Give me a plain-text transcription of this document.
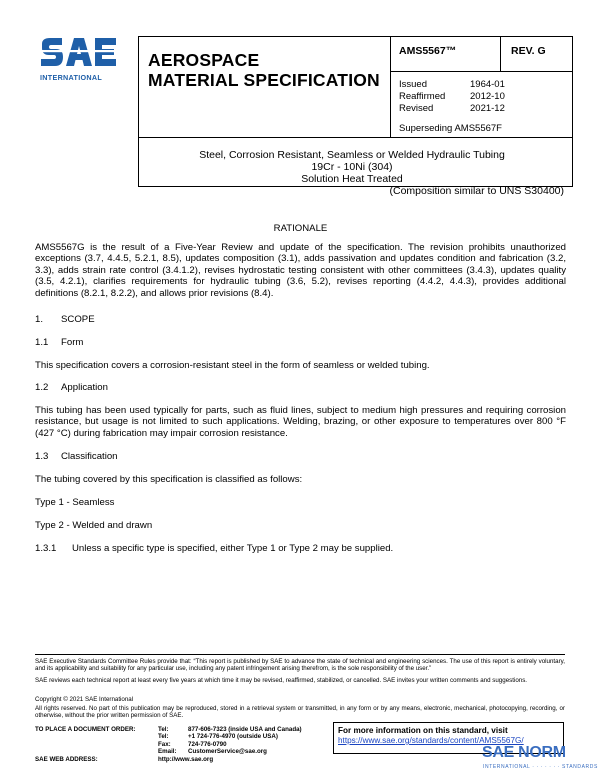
INTERNATIONAL
AEROSPACE
MATERIAL SPECIFICATION
AMS5567™	REV. G
Issued	1964-01
Reaffirmed	2012-10
Revised	2021-12
Superseding AMS5567F
Steel, Corrosion Resistant, Seamless or Welded Hydraulic Tubing
19Cr - 10Ni (304)
Solution Heat Treated
(Composition similar to UNS S30400)
RATIONALE
AMS5567G is the result of a Five-Year Review and update of the specification. The revision prohibits unauthorized exceptions (3.7, 4.4.5, 5.2.1, 8.5), updates composition (3.1), adds passivation and updates condition and fabrication (3.2, 3.3), adds strain rate control (3.4.1.2), revises hydrostatic testing consistent with other committees (3.4.3), updates quality (3.5, 4.2.1), clarifies requirements for hydraulic tubing (3.6, 5.2), revises reporting (4.4.2, 4.4.3), provides additional definitions (8.2.1, 8.2.2), and allows prior revisions (8.4).
1.	SCOPE
1.1	Form
This specification covers a corrosion-resistant steel in the form of seamless or welded tubing.
1.2	Application
This tubing has been used typically for parts, such as fluid lines, subject to medium high pressures and requiring corrosion resistance, but usage is not limited to such applications. Welding, brazing, or other exposure to temperatures over 800 °F (427 °C) during fabrication may impair corrosion resistance.
1.3	Classification
The tubing covered by this specification is classified as follows:
Type 1 - Seamless
Type 2 - Welded and drawn
1.3.1	Unless a specific type is specified, either Type 1 or Type 2 may be supplied.
SAE Executive Standards Committee Rules provide that: “This report is published by SAE to advance the state of technical and engineering sciences. The use of this report is entirely voluntary, and its applicability and suitability for any particular use, including any patent infringement arising therefrom, is the sole responsibility of the user.”
SAE reviews each technical report at least every five years at which time it may be revised, reaffirmed, stabilized, or cancelled. SAE invites your written comments and suggestions.
Copyright © 2021 SAE International
All rights reserved. No part of this publication may be reproduced, stored in a retrieval system or transmitted, in any form or by any means, electronic, mechanical, photocopying, recording, or otherwise, without the prior written permission of SAE.
TO PLACE A DOCUMENT ORDER:	Tel:	877-606-7323 (inside USA and Canada)
Tel:	+1 724-776-4970 (outside USA)
Fax:	724-776-0790
Email:	CustomerService@sae.org
SAE WEB ADDRESS:	http://www.sae.org
For more information on this standard, visit
https://www.sae.org/standards/content/AMS5567G/
SAE NORM
INTERNATIONAL · · · · · · · STANDARDS
